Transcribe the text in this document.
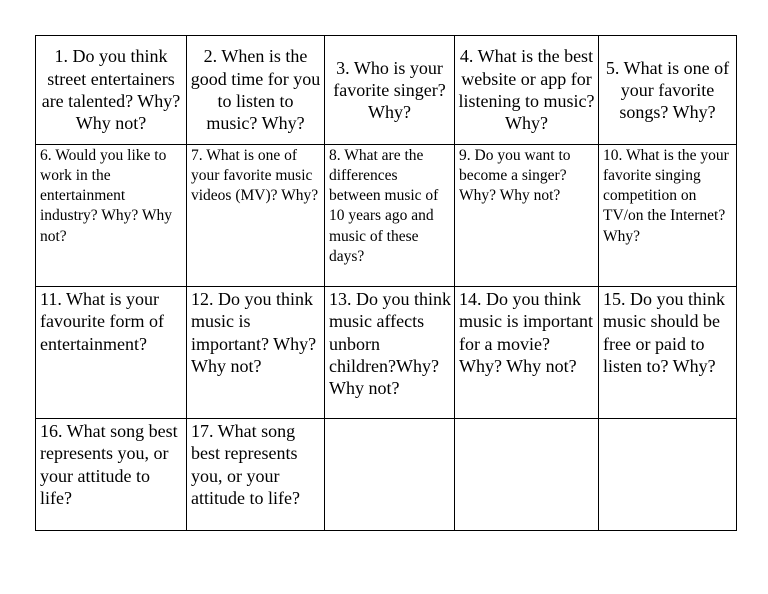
1. Do you think street entertainers are talented? Why? Why not?	2. When is the good time for you to listen to music? Why?	3. Who is your favorite singer? Why?	4. What is the best website or app for listening to music? Why?	5. What is one of your favorite songs? Why?
6. Would you like to work in the entertainment industry? Why? Why not?	7. What is one of your favorite music videos (MV)? Why?	8. What are the differences between music of 10 years ago and music of these days?	9. Do you want to become a singer? Why? Why not?	10. What is the your favorite singing competition on TV/on the Internet? Why?
11. What is your favourite form of entertainment?	12. Do you think music is important? Why? Why not?	13. Do you think music affects unborn children?Why? Why not?	14. Do you think music is important for a movie? Why? Why not?	15. Do you think music should be free or paid to listen to? Why?
16. What song best represents you, or your attitude to life?	17. What song best represents you, or your attitude to life?			
